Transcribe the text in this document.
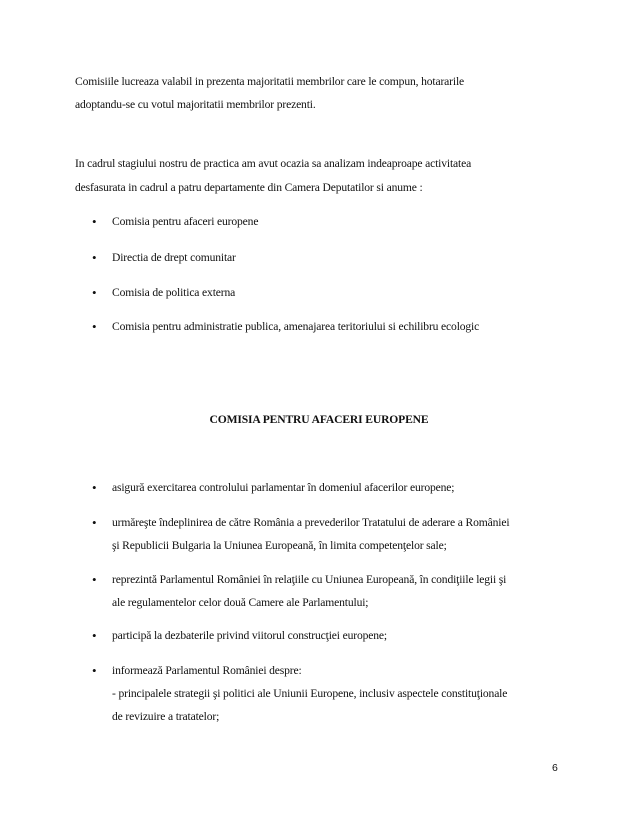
Comisiile lucreaza valabil in prezenta majoritatii membrilor care le compun, hotararile
adoptandu-se cu votul majoritatii membrilor prezenti.
In cadrul stagiului nostru de practica am avut ocazia sa analizam indeaproape activitatea
desfasurata in cadrul a patru departamente din Camera Deputatilor si anume :
• Comisia pentru afaceri europene
• Directia de drept comunitar
• Comisia de politica externa
• Comisia pentru administratie publica, amenajarea teritoriului si echilibru ecologic
COMISIA PENTRU AFACERI EUROPENE
• asigură exercitarea controlului parlamentar în domeniul afacerilor europene;
• urmăreşte îndeplinirea de către România a prevederilor Tratatului de aderare a României
şi Republicii Bulgaria la Uniunea Europeană, în limita competenţelor sale;
• reprezintă Parlamentul României în relaţiile cu Uniunea Europeană, în condiţiile legii şi
ale regulamentelor celor două Camere ale Parlamentului;
• participă la dezbaterile privind viitorul construcţiei europene;
• informează Parlamentul României despre:
- principalele strategii şi politici ale Uniunii Europene, inclusiv aspectele constituţionale
de revizuire a tratatelor;
6
